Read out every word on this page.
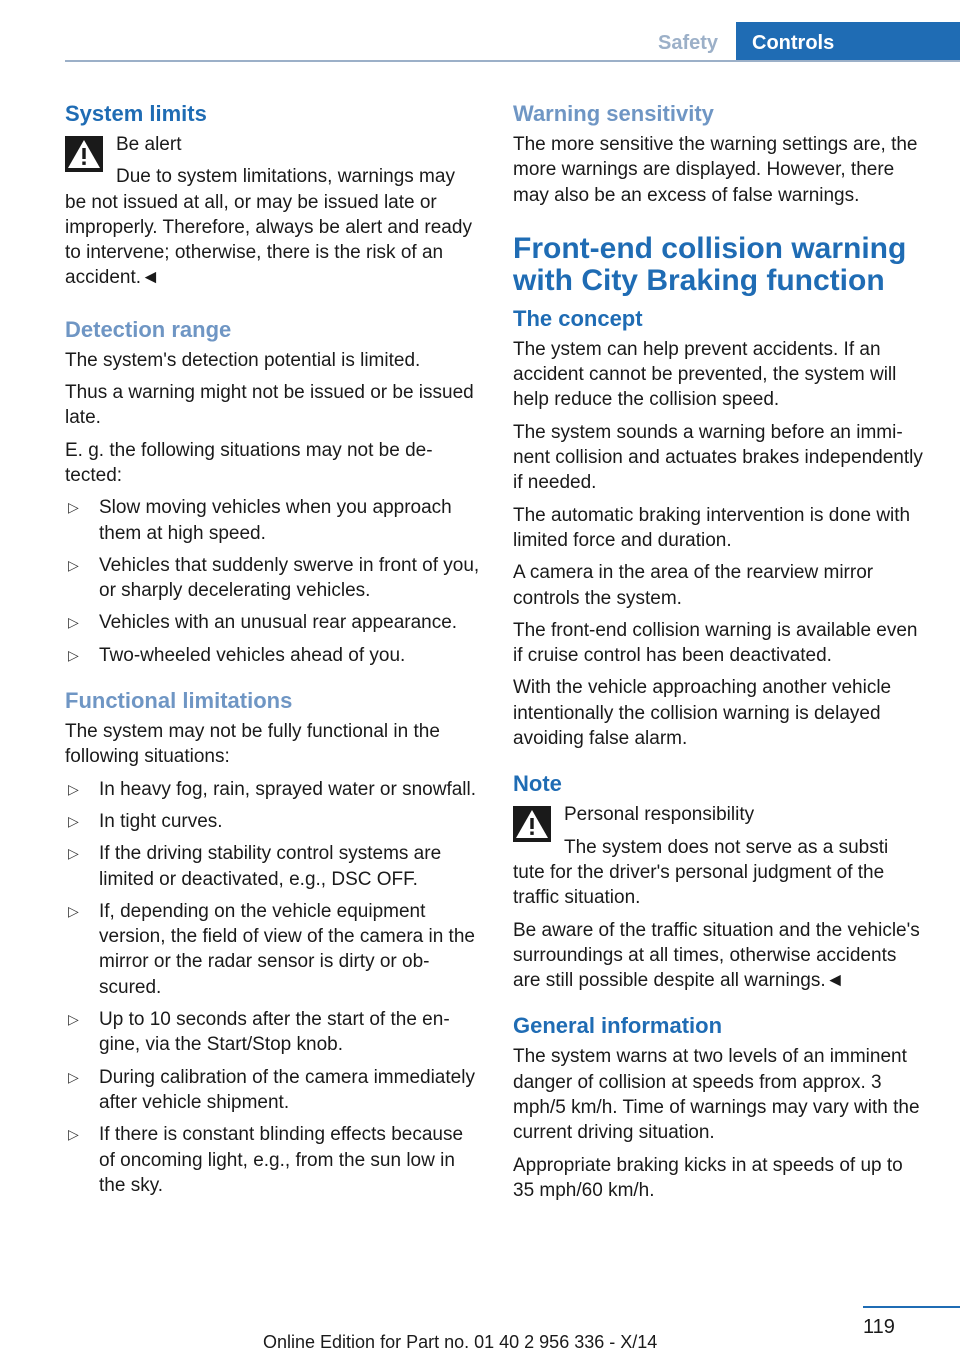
Safety	Controls
System limits

Be alert

Due to system limitations, warnings may

be not issued at all, or may be issued late or improperly. Therefore, always be alert and ready to intervene; otherwise, there is the risk of an accident.◄

Detection range

The system's detection potential is limited.

Thus a warning might not be issued or be issued late.

E. g. the following situations may not be detected:

▷ Slow moving vehicles when you approach them at high speed.
▷ Vehicles that suddenly swerve in front of you, or sharply decelerating vehicles.
▷ Vehicles with an unusual rear appearance.
▷ Two-wheeled vehicles ahead of you.
Functional limitations

The system may not be fully functional in the following situations:

▷ In heavy fog, rain, sprayed water or snowfall.
▷ In tight curves.
▷ If the driving stability control systems are limited or deactivated, e.g., DSC OFF.
▷ If, depending on the vehicle equipment version, the field of view of the camera in the mirror or the radar sensor is dirty or obscured.
▷ Up to 10 seconds after the start of the engine, via the Start/Stop knob.
▷ During calibration of the camera immediately after vehicle shipment.
▷ If there is constant blinding effects because of oncoming light, e.g., from the sun low in the sky.
Warning sensitivity

The more sensitive the warning settings are, the more warnings are displayed. However, there may also be an excess of false warnings.

Front-end collision warning with City Braking function
The concept

The ystem can help prevent accidents. If an accident cannot be prevented, the system will help reduce the collision speed.

The system sounds a warning before an imminent collision and actuates brakes independently if needed.

The automatic braking intervention is done with limited force and duration.

A camera in the area of the rearview mirror controls the system.

The front-end collision warning is available even if cruise control has been deactivated.

With the vehicle approaching another vehicle intentionally the collision warning is delayed avoiding false alarm.

Note

Personal responsibility

The system does not serve as a substi

tute for the driver's personal judgment of the traffic situation.

Be aware of the traffic situation and the vehicle's surroundings at all times, otherwise accidents are still possible despite all warnings.◄

General information

The system warns at two levels of an imminent danger of collision at speeds from approx. 3 mph/5 km/h. Time of warnings may vary with the current driving situation.

Appropriate braking kicks in at speeds of up to 35 mph/60 km/h.

119
Online Edition for Part no. 01 40 2 956 336 - X/14
